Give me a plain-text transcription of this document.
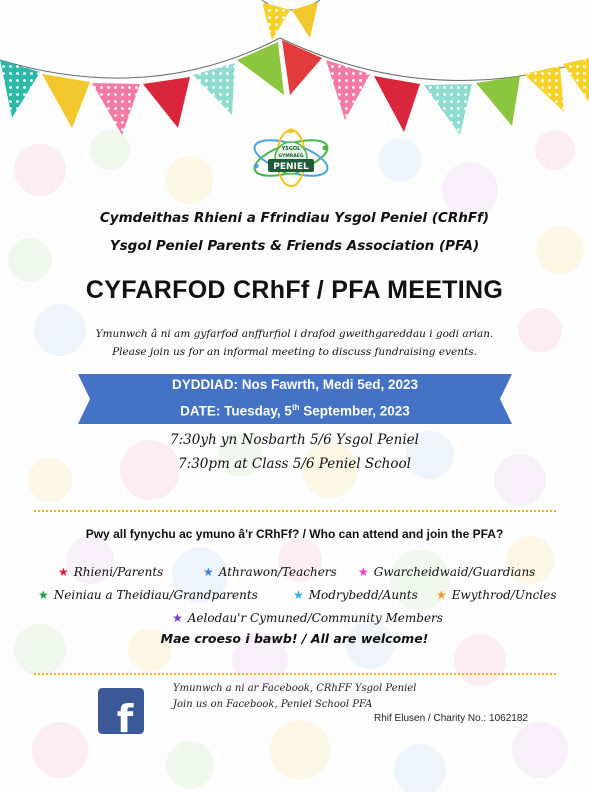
YSGOL
GYMRAEG
PENIEL
Cymdeithas Rhieni a Ffrindiau Ysgol Peniel (CRhFf)
Ysgol Peniel Parents & Friends Association (PFA)
CYFARFOD CRhFf / PFA MEETING
Ymunwch â ni am gyfarfod anffurfiol i drafod gweithgareddau i godi arian.
Please join us for an informal meeting to discuss fundraising events.
DYDDIAD: Nos Fawrth, Medi 5ed, 2023
DATE: Tuesday, 5th September, 2023
7:30yh yn Nosbarth 5/6 Ysgol Peniel
7:30pm at Class 5/6 Peniel School
Pwy all fynychu ac ymuno â'r CRhFf? / Who can attend and join the PFA?
★ Rhieni/Parents	★ Athrawon/Teachers ★ Gwarcheidwaid/Guardians
★ Neiniau a Theidiau/Grandparents	★ Modrybedd/Aunts ★ Ewythrod/Uncles
★ Aelodau'r Cymuned/Community Members
Mae croeso i bawb! / All are welcome!
f
Ymunwch a ni ar Facebook, CRhFF Ysgol Peniel
Join us on Facebook, Peniel School PFA
Rhif Elusen / Charity No.: 1062182
